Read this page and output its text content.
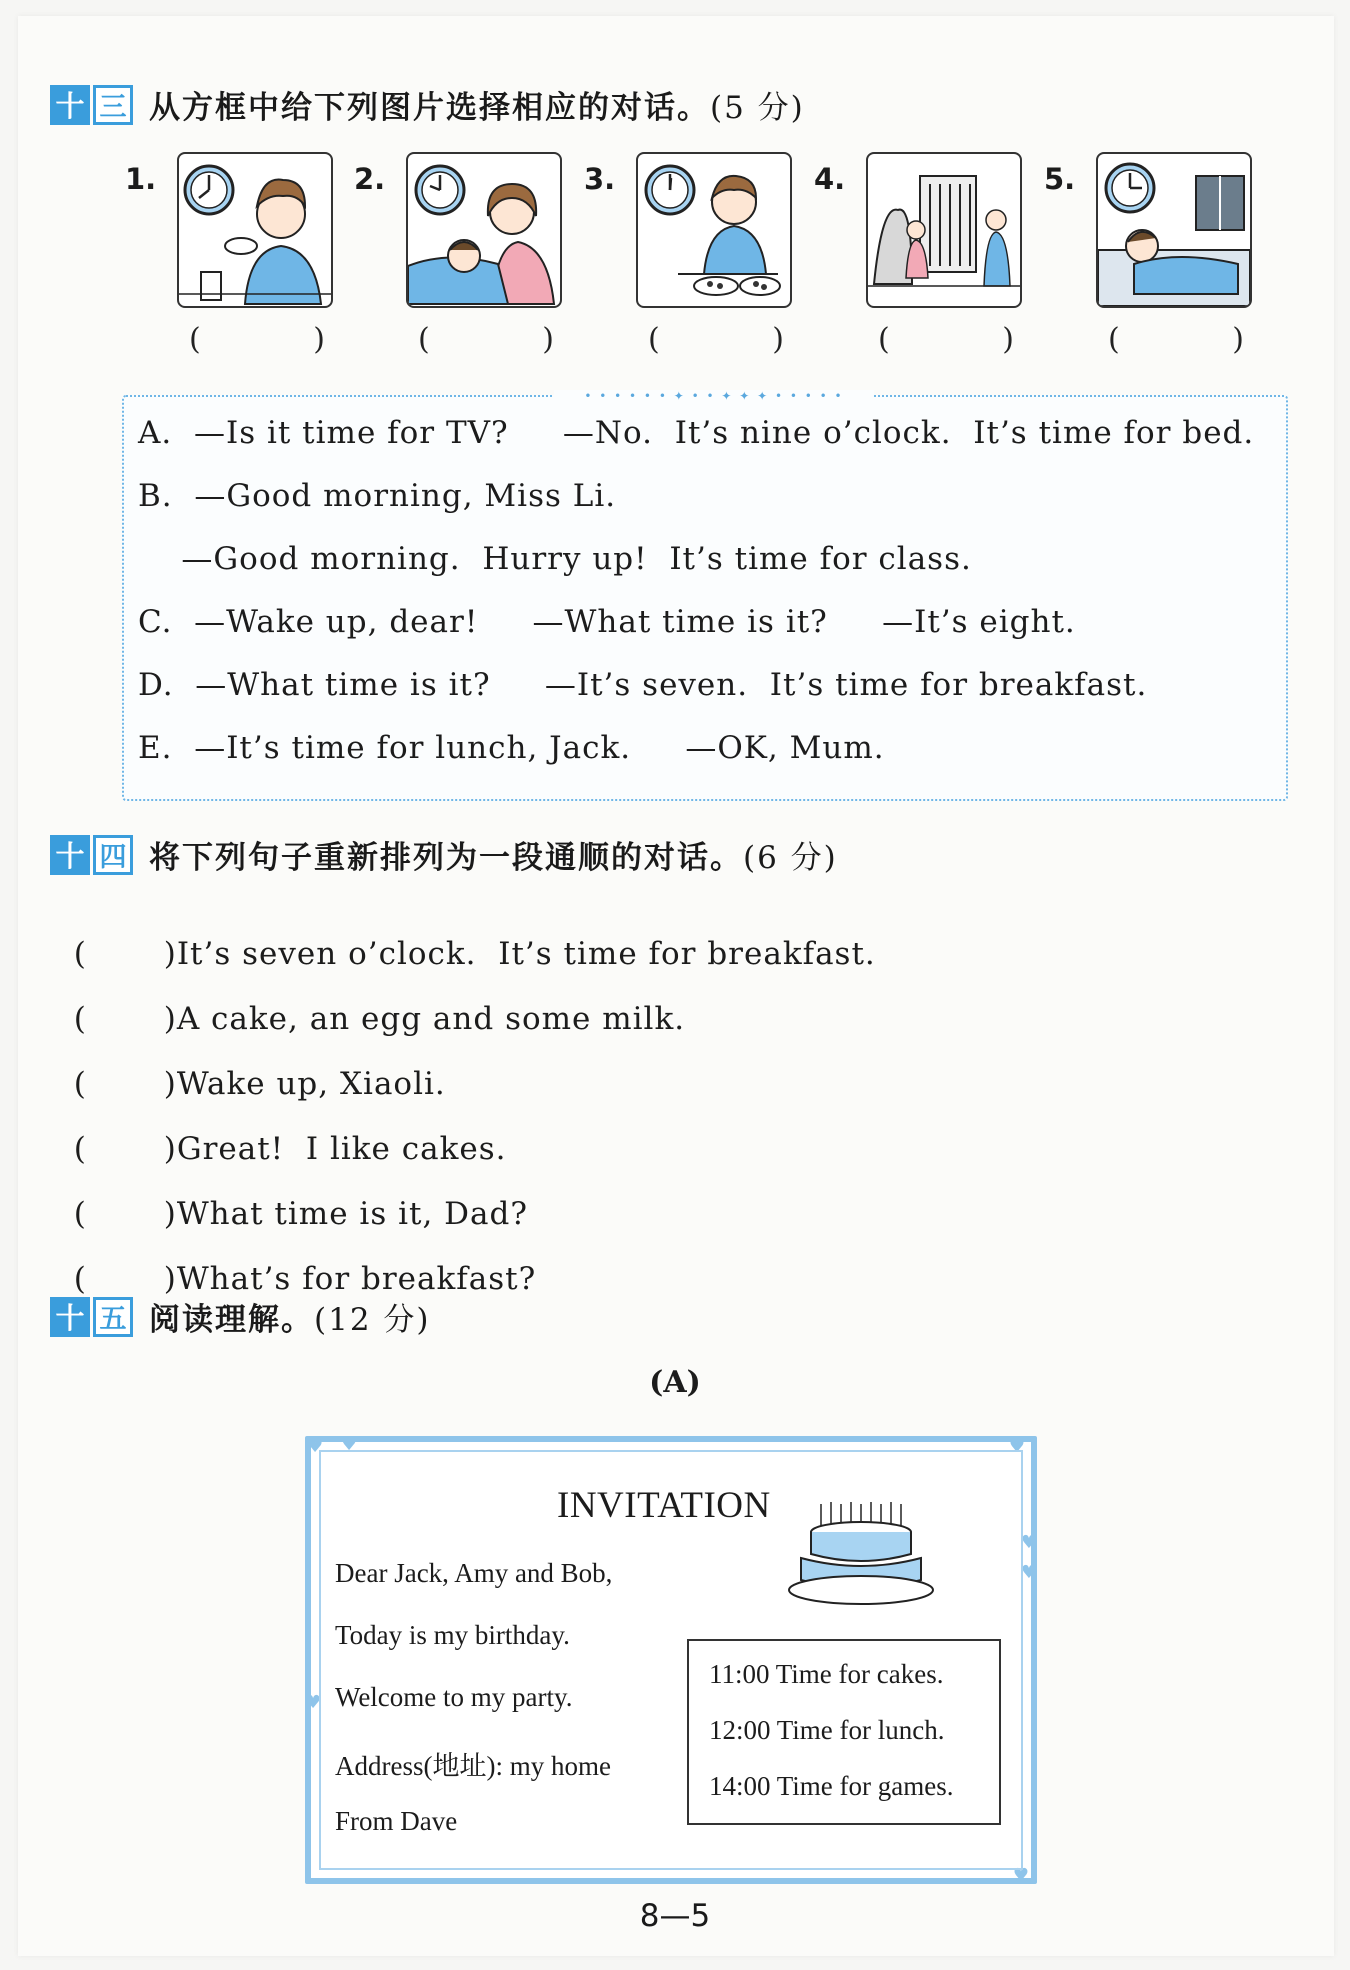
十 三 从方框中给下列图片选择相应的对话。(5 分)
1.
(	)
2.
(	)
3.
(	)
4.
(	)
5.
(	)
• • • • • • ✦ • • ✦ ✦ ✦ • • • • •
A.  —Is it time for TV?     —No.  It’s nine o’clock.  It’s time for bed.
B.  —Good morning, Miss Li.
—Good morning.  Hurry up!  It’s time for class.
C.  —Wake up, dear!     —What time is it?     —It’s eight.
D.  —What time is it?     —It’s seven.  It’s time for breakfast.
E.  —It’s time for lunch, Jack.     —OK, Mum.
十 四 将下列句子重新排列为一段通顺的对话。(6 分)

( )It’s seven o’clock.  It’s time for breakfast.

( )A cake, an egg and some milk.

( )Wake up, Xiaoli.

( )Great!  I like cakes.

( )What time is it, Dad?

( )What’s for breakfast?

十 五 阅读理解。(12 分)
(A)
♥ ♥	♥
♥
♥
♥
♥
INVITATION
Dear Jack, Amy and Bob,
Today is my birthday.
Welcome to my party.
Address(地址): my home
From Dave
11:00 Time for cakes.
12:00 Time for lunch.
14:00 Time for games.
8—5
